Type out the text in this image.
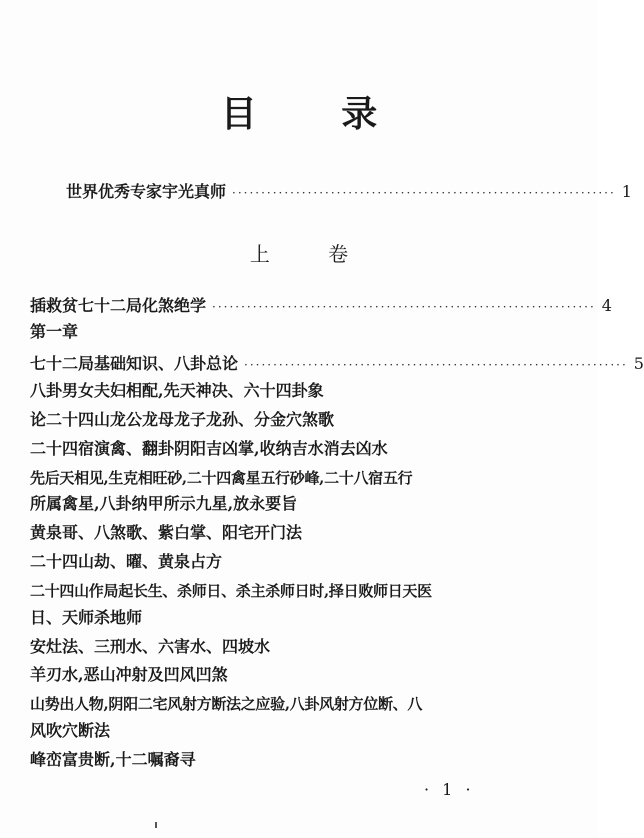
目 录
世界优秀专家宇光真师 ·································································· 1
上 卷
插救贫七十二局化煞绝学 ·································································· 4
第一章
七十二局基础知识、八卦总论 ·································································· 5
八卦男女夫妇相配,先天神决、六十四卦象
论二十四山龙公龙母龙子龙孙、分金穴煞歌
二十四宿演禽、翻卦阴阳吉凶掌,收纳吉水消去凶水
先后天相见,生克相旺砂,二十四禽星五行砂峰,二十八宿五行
所属禽星,八卦纳甲所示九星,放永要旨
黄泉哥、八煞歌、紫白掌、阳宅开门法
二十四山劫、曜、黄泉占方
二十四山作局起长生、杀师日、杀主杀师日时,择日败师日天医
日、天师杀地师
安灶法、三刑水、六害水、四坡水
羊刃水,恶山冲射及凹风凹煞
山势出人物,阴阳二宅风射方断法之应验,八卦风射方位断、八
风吹穴断法
峰峦富贵断,十二嘱裔寻
· 1 ·
